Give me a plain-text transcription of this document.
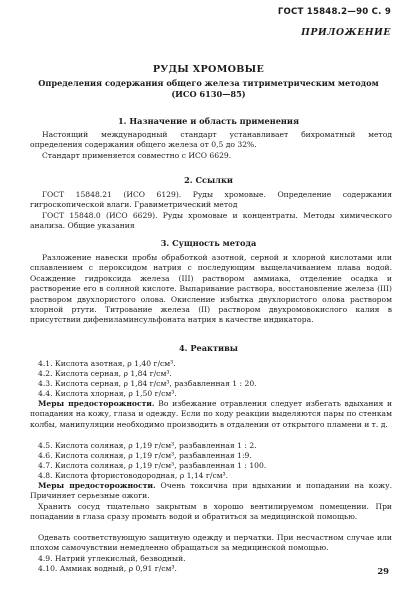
ГОСТ 15848.2—90 С. 9
ПРИЛОЖЕНИЕ
РУДЫ ХРОМОВЫЕ
Определения содержания общего железа титриметрическим методом (ИСО 6130—85)
1. Назначение и область применения
Настоящий международный стандарт устанавливает бихроматный метод определения содержания общего железа от 0,5 до 32%.
Стандарт применяется совместно с ИСО 6629.
2. Ссылки
ГОСТ 15848.21 (ИСО 6129). Руды хромовые. Определение содержания гигроскопической влаги. Гравиметрический метод
ГОСТ 15848.0 (ИСО 6629). Руды хромовые и концентраты. Методы химического анализа. Общие указания
3. Сущность метода
Разложение навески пробы обработкой азотной, серной и хлорной кислотами или сплавлением с пероксидом натрия с последующим выщелачиванием плава водой. Осаждение гидроксида железа (III) раствором аммиака, отделение осадка и растворение его в соляной кислоте. Выпаривание раствора, восстановление железа (III) раствором двухлористого олова. Окисление избытка двухлористого олова раствором хлорной ртути. Титрование железа (II) раствором двухромовокислого калия в присутствии дифениламинсульфоната натрия в качестве индикатора.
4. Реактивы
4.1. Кислота азотная, ρ 1,40 г/см³.
4.2. Кислота серная, ρ 1,84 г/см³.
4.3. Кислота серная, ρ 1,84 г/см³, разбавленная 1 : 20.
4.4. Кислота хлорная, ρ 1,50 г/см³.
Меры предосторожности. Во избежание отравления следует избегать вдыхания и попадания на кожу, глаза и одежду. Если по ходу реакции выделяются пары по стенкам колбы, манипуляции необходимо производить в отдалении от открытого пламени и т. д.
4.5. Кислота соляная, ρ 1,19 г/см³, разбавленная 1 : 2.
4.6. Кислота соляная, ρ 1,19 г/см³, разбавленная 1:9.
4.7. Кислота соляная, ρ 1,19 г/см³, разбавленная 1 : 100.
4.8. Кислота фтористоводородная, ρ 1,14 г/см³.
Меры предосторожности. Очень токсична при вдыхании и попадании на кожу. Причиняет серьезные ожоги.
Хранить сосуд тщательно закрытым в хорошо вентилируемом помещении. При попадании в глаза сразу промыть водой и обратиться за медицинской помощью.
Одевать соответствующую защитную одежду и перчатки. При несчастном случае или плохом самочувствии немедленно обращаться за медицинской помощью.
4.9. Натрий углекислый, безводный.
4.10. Аммиак водный, ρ 0,91 г/см³.	29
